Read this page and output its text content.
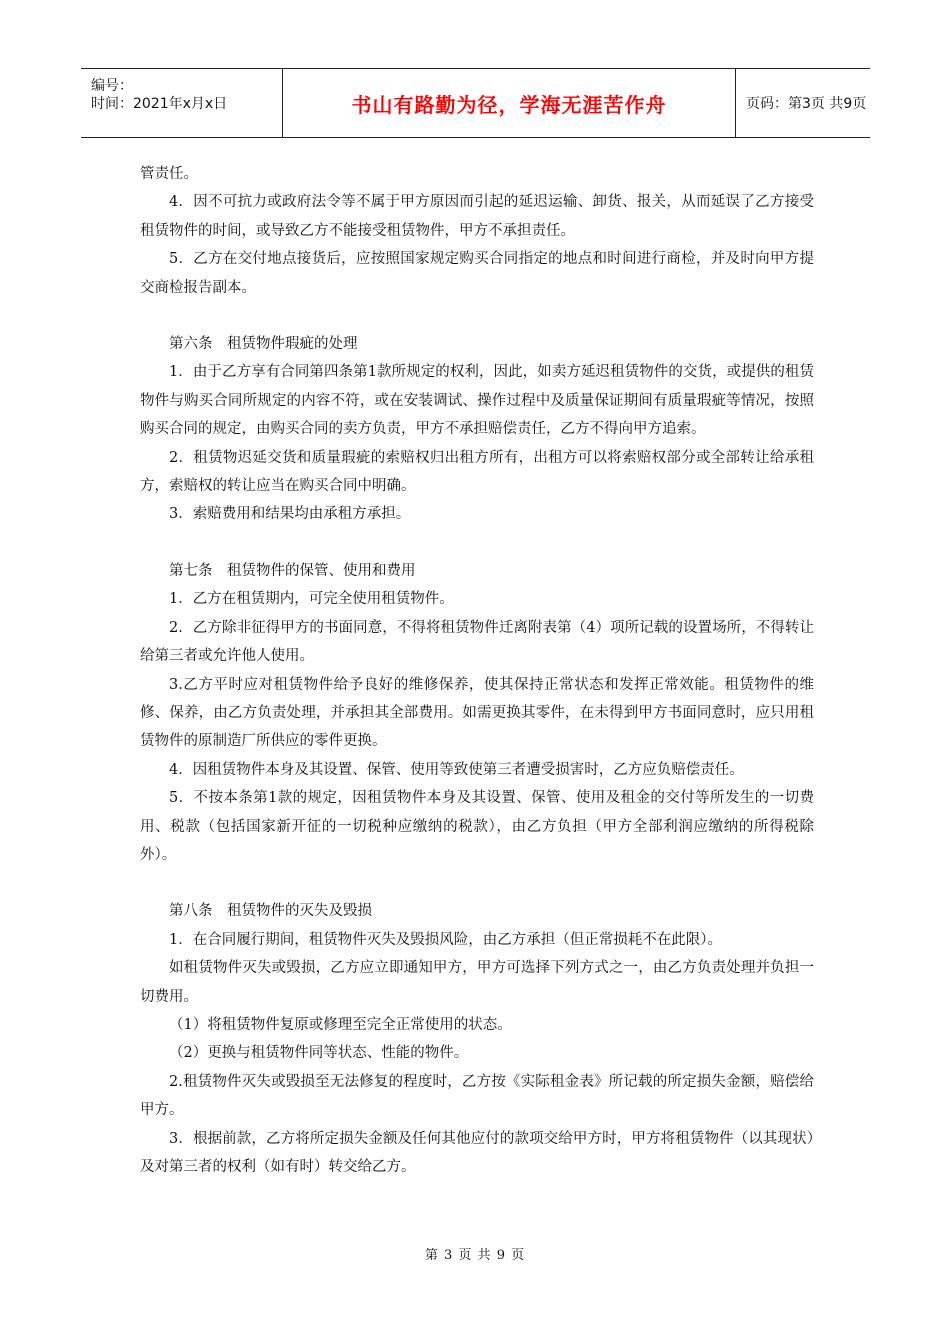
编号：
时间：2021年x月x日	书山有路勤为径，学海无涯苦作舟	页码：第3页 共9页

管责任。

4．因不可抗力或政府法令等不属于甲方原因而引起的延迟运输、卸货、报关，从而延误了乙方接受租赁物件的时间，或导致乙方不能接受租赁物件，甲方不承担责任。

5．乙方在交付地点接货后，应按照国家规定购买合同指定的地点和时间进行商检，并及时向甲方提交商检报告副本。

第六条　租赁物件瑕疵的处理

1．由于乙方享有合同第四条第1款所规定的权利，因此，如卖方延迟租赁物件的交货，或提供的租赁物件与购买合同所规定的内容不符，或在安装调试、操作过程中及质量保证期间有质量瑕疵等情况，按照购买合同的规定，由购买合同的卖方负责，甲方不承担赔偿责任，乙方不得向甲方追索。

2．租赁物迟延交货和质量瑕疵的索赔权归出租方所有，出租方可以将索赔权部分或全部转让给承租方，索赔权的转让应当在购买合同中明确。

3．索赔费用和结果均由承租方承担。

第七条　租赁物件的保管、使用和费用

1．乙方在租赁期内，可完全使用租赁物件。

2．乙方除非征得甲方的书面同意，不得将租赁物件迁离附表第（4）项所记载的设置场所，不得转让给第三者或允许他人使用。

3.乙方平时应对租赁物件给予良好的维修保养，使其保持正常状态和发挥正常效能。租赁物件的维修、保养，由乙方负责处理，并承担其全部费用。如需更换其零件，在未得到甲方书面同意时，应只用租赁物件的原制造厂所供应的零件更换。

4．因租赁物件本身及其设置、保管、使用等致使第三者遭受损害时，乙方应负赔偿责任。

5．不按本条第1款的规定，因租赁物件本身及其设置、保管、使用及租金的交付等所发生的一切费用、税款（包括国家新开征的一切税种应缴纳的税款），由乙方负担（甲方全部利润应缴纳的所得税除外）。

第八条　租赁物件的灭失及毁损

1．在合同履行期间，租赁物件灭失及毁损风险，由乙方承担（但正常损耗不在此限）。

如租赁物件灭失或毁损，乙方应立即通知甲方，甲方可选择下列方式之一，由乙方负责处理并负担一切费用。

（1）将租赁物件复原或修理至完全正常使用的状态。

（2）更换与租赁物件同等状态、性能的物件。

2.租赁物件灭失或毁损至无法修复的程度时，乙方按《实际租金表》所记载的所定损失金额，赔偿给甲方。

3．根据前款，乙方将所定损失金额及任何其他应付的款项交给甲方时，甲方将租赁物件（以其现状）及对第三者的权利（如有时）转交给乙方。

第 3 页 共 9 页
